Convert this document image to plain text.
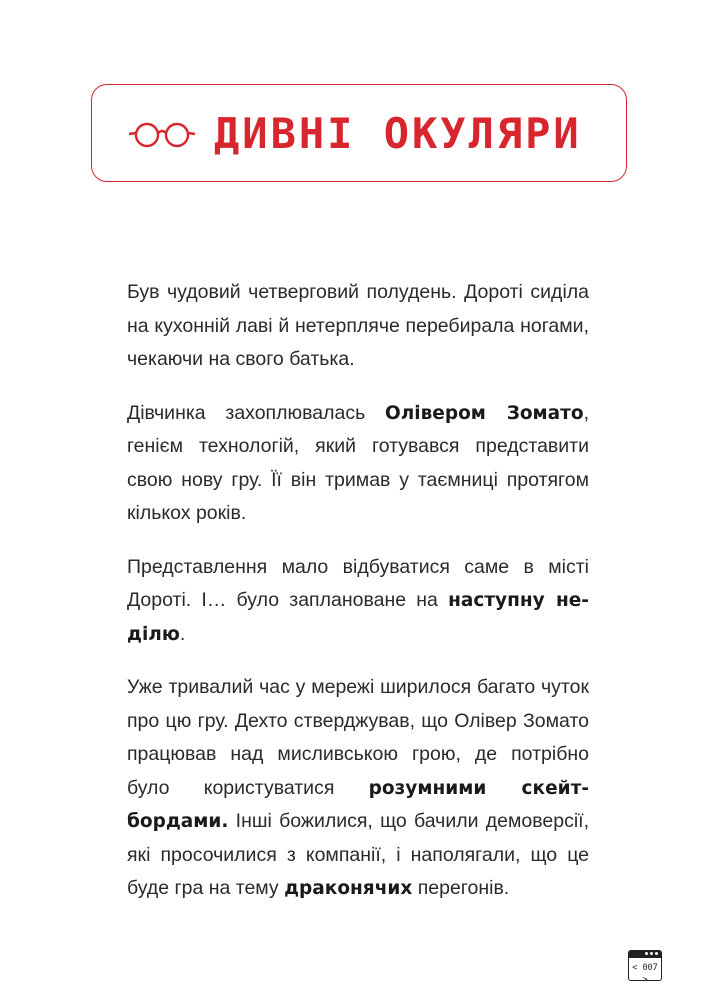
ДИВНІ ОКУЛЯРИ

Був чудовий четверговий полудень. Дороті сиділа на кухонній лаві й нетерпляче перебирала ногами, чекаючи на свого батька.

Дівчинка захоплювалась Олівером Зомато, генієм технологій, який готувався представити свою нову гру. Її він тримав у таємниці протягом кількох років.

Представлення мало відбуватися саме в місті Дороті. І… було заплановане на наступну неділю.

Уже тривалий час у мережі ширилося багато чуток про цю гру. Дехто стверджував, що Олівер Зомато працював над мисливською грою, де потрібно було користуватися розумними скейтбордами. Інші божилися, що бачили демоверсії, які просочилися з компанії, і наполягали, що це буде гра на тему драконячих перегонів.

< 007 >
